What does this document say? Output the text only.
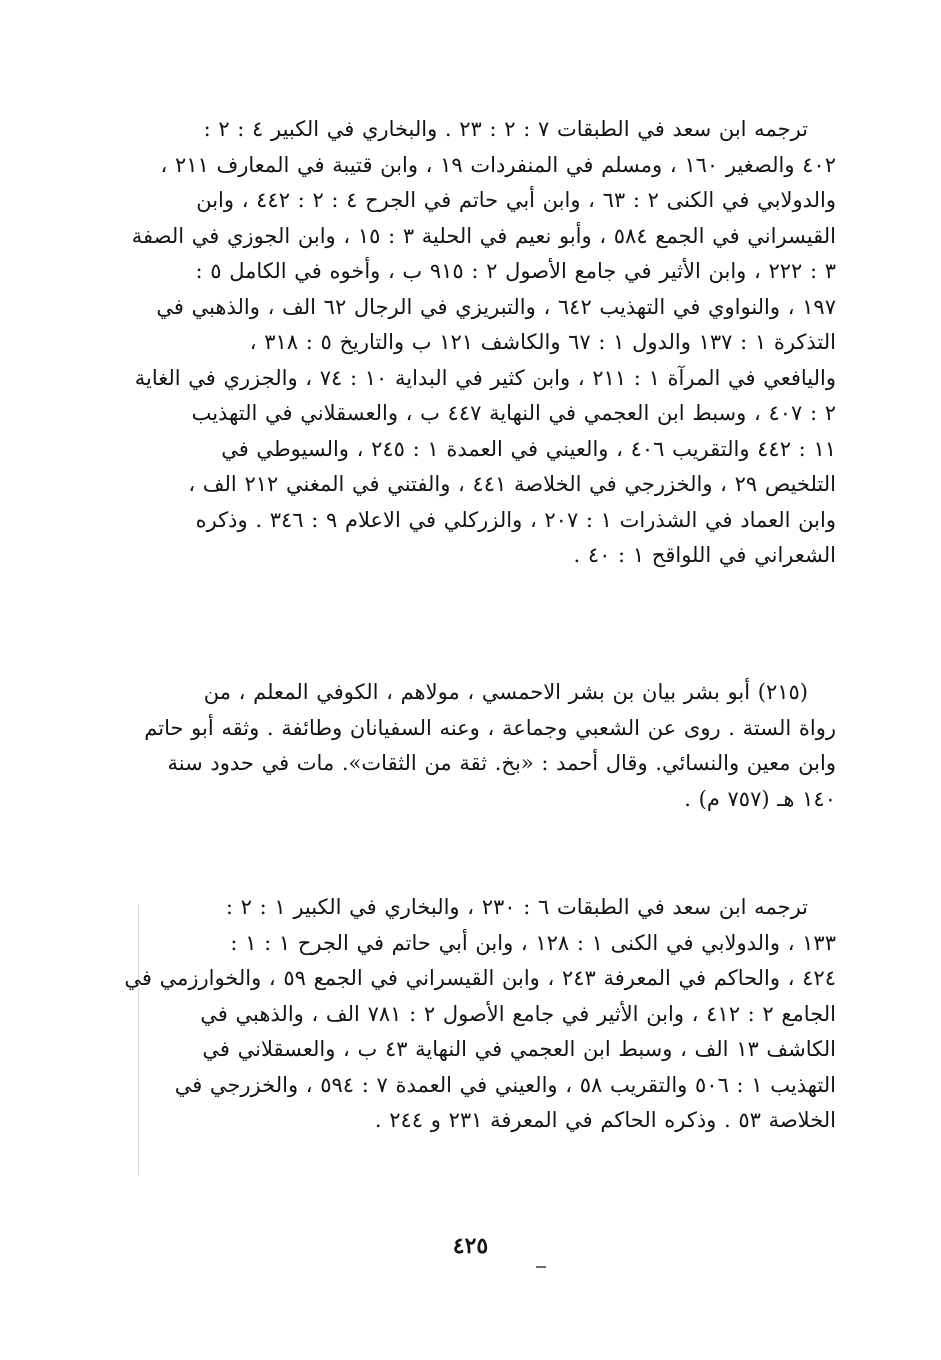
ترجمه ابن سعد في الطبقات ٧ : ٢ : ٢٣ . والبخاري في الكبير ٤ : ٢ :
٤٠٢ والصغير ١٦٠ ، ومسلم في المنفردات ١٩ ، وابن قتيبة في المعارف ٢١١ ،
والدولابي في الكنى ٢ : ٦٣ ، وابن أبي حاتم في الجرح ٤ : ٢ : ٤٤٢ ، وابن
القيسراني في الجمع ٥٨٤ ، وأبو نعيم في الحلية ٣ : ١٥ ، وابن الجوزي في الصفة
٣ : ٢٢٢ ، وابن الأثير في جامع الأصول ٢ : ٩١٥ ب ، وأخوه في الكامل ٥ :
١٩٧ ، والنواوي في التهذيب ٦٤٢ ، والتبريزي في الرجال ٦٢ الف ، والذهبي في
التذكرة ١ : ١٣٧ والدول ١ : ٦٧ والكاشف ١٢١ ب والتاريخ ٥ : ٣١٨ ،
واليافعي في المرآة ١ : ٢١١ ، وابن كثير في البداية ١٠ : ٧٤ ، والجزري في الغاية
٢ : ٤٠٧ ، وسبط ابن العجمي في النهاية ٤٤٧ ب ، والعسقلاني في التهذيب
١١ : ٤٤٢ والتقريب ٤٠٦ ، والعيني في العمدة ١ : ٢٤٥ ، والسيوطي في
التلخيص ٢٩ ، والخزرجي في الخلاصة ٤٤١ ، والفتني في المغني ٢١٢ الف ،
وابن العماد في الشذرات ١ : ٢٠٧ ، والزركلي في الاعلام ٩ : ٣٤٦ . وذكره
الشعراني في اللواقح ١ : ٤٠ .
(٢١٥) أبو بشر بيان بن بشر الاحمسي ، مولاهم ، الكوفي المعلم ، من
رواة الستة . روى عن الشعبي وجماعة ، وعنه السفيانان وطائفة . وثقه أبو حاتم
وابن معين والنسائي. وقال أحمد : «بخ. ثقة من الثقات». مات في حدود سنة
١٤٠ هـ (٧٥٧ م) .
ترجمه ابن سعد في الطبقات ٦ : ٢٣٠ ، والبخاري في الكبير ١ : ٢ :
١٣٣ ، والدولابي في الكنى ١ : ١٢٨ ، وابن أبي حاتم في الجرح ١ : ١ :
٤٢٤ ، والحاكم في المعرفة ٢٤٣ ، وابن القيسراني في الجمع ٥٩ ، والخوارزمي في
الجامع ٢ : ٤١٢ ، وابن الأثير في جامع الأصول ٢ : ٧٨١ الف ، والذهبي في
الكاشف ١٣ الف ، وسبط ابن العجمي في النهاية ٤٣ ب ، والعسقلاني في
التهذيب ١ : ٥٠٦ والتقريب ٥٨ ، والعيني في العمدة ٧ : ٥٩٤ ، والخزرجي في
الخلاصة ٥٣ . وذكره الحاكم في المعرفة ٢٣١ و ٢٤٤ .
٤٢٥
